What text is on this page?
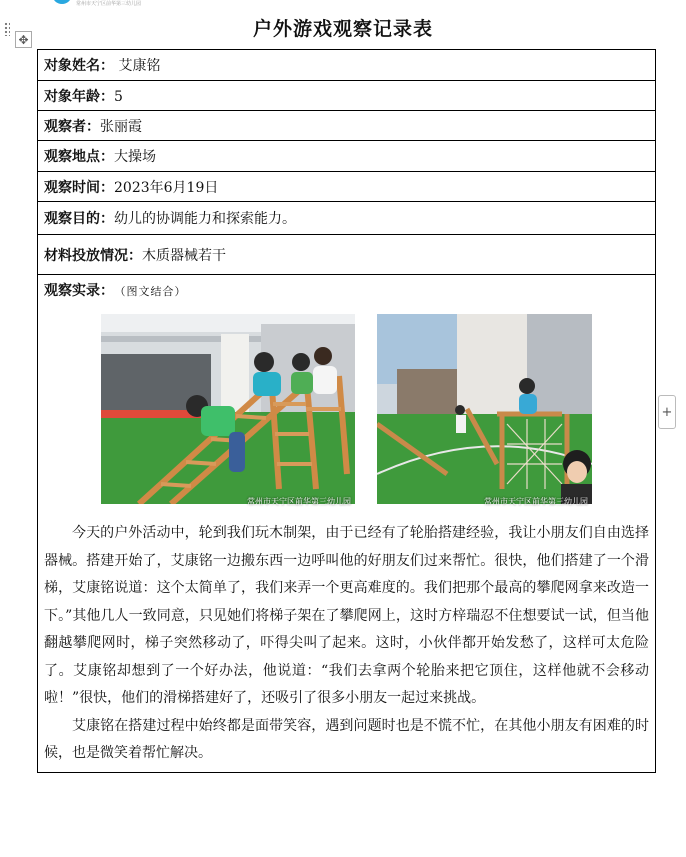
常州市天宁区前华第三幼儿园
户外游戏观察记录表
✥
+
对象姓名： 艾康铭
对象年龄：5
观察者：张丽霞
观察地点：大操场
观察时间：2023年6月19日
观察目的：幼儿的协调能力和探索能力。
材料投放情况：木质器械若干

观察实录： （图文结合）
常州市天宁区前华第三幼儿园	常州市天宁区前华第三幼儿园

今天的户外活动中，轮到我们玩木制架，由于已经有了轮胎搭建经验，我让小朋友们自由选择器械。搭建开始了，艾康铭一边搬东西一边呼叫他的好朋友们过来帮忙。很快，他们搭建了一个滑梯，艾康铭说道：这个太简单了，我们来弄一个更高难度的。我们把那个最高的攀爬网拿来改造一下。”其他几人一致同意，只见她们将梯子架在了攀爬网上，这时方梓瑞忍不住想要试一试，但当他翻越攀爬网时，梯子突然移动了，吓得尖叫了起来。这时，小伙伴都开始发愁了，这样可太危险了。艾康铭却想到了一个好办法，他说道：“我们去拿两个轮胎来把它顶住，这样他就不会移动啦！”很快，他们的滑梯搭建好了，还吸引了很多小朋友一起过来挑战。

艾康铭在搭建过程中始终都是面带笑容，遇到问题时也是不慌不忙，在其他小朋友有困难的时候，也是微笑着帮忙解决。
